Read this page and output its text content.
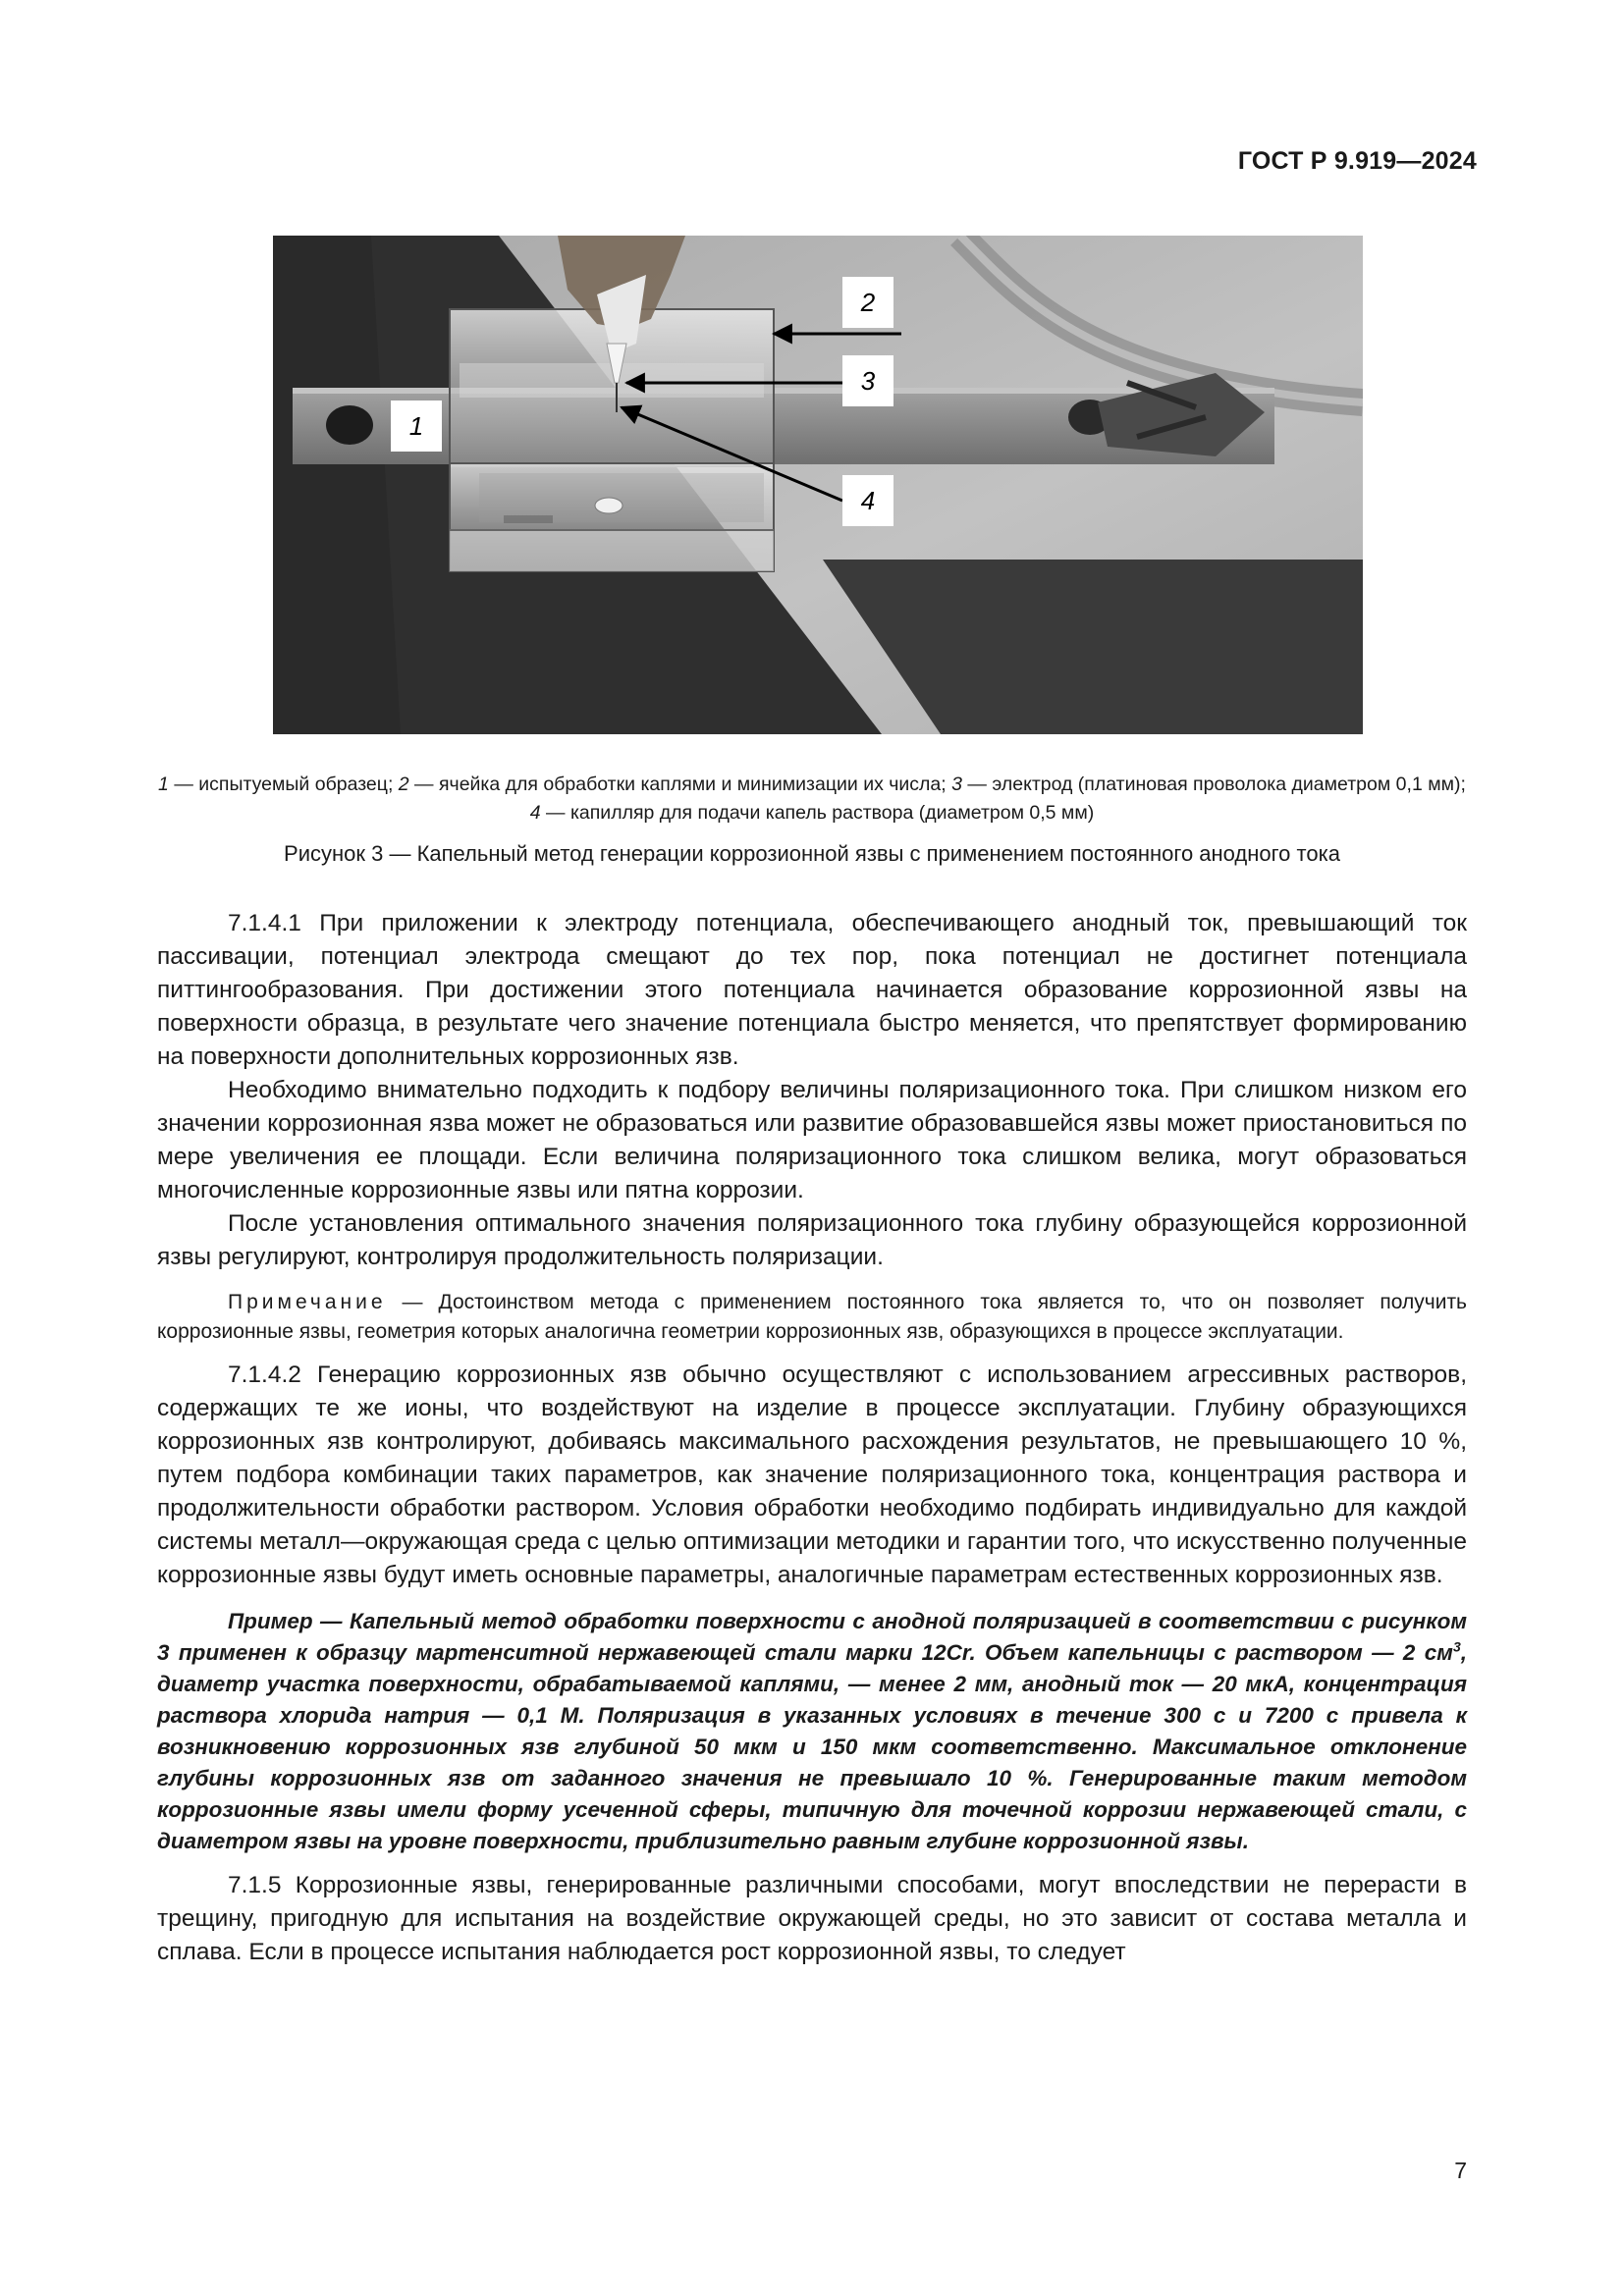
ГОСТ Р 9.919—2024
1
2
3
4

1 — испытуемый образец; 2 — ячейка для обработки каплями и минимизации их числа; 3 — электрод (платиновая проволока диаметром 0,1 мм); 4 — капилляр для подачи капель раствора (диаметром 0,5 мм)

Рисунок 3 — Капельный метод генерации коррозионной язвы с применением постоянного анодного тока

7.1.4.1 При приложении к электроду потенциала, обеспечивающего анодный ток, превышающий ток пассивации, потенциал электрода смещают до тех пор, пока потенциал не достигнет потенциала питтингообразования. При достижении этого потенциала начинается образование коррозионной язвы на поверхности образца, в результате чего значение потенциала быстро меняется, что препятствует формированию на поверхности дополнительных коррозионных язв.

Необходимо внимательно подходить к подбору величины поляризационного тока. При слишком низком его значении коррозионная язва может не образоваться или развитие образовавшейся язвы может приостановиться по мере увеличения ее площади. Если величина поляризационного тока слишком велика, могут образоваться многочисленные коррозионные язвы или пятна коррозии.

После установления оптимального значения поляризационного тока глубину образующейся коррозионной язвы регулируют, контролируя продолжительность поляризации.

Примечание — Достоинством метода с применением постоянного тока является то, что он позволяет получить коррозионные язвы, геометрия которых аналогична геометрии коррозионных язв, образующихся в процессе эксплуатации.

7.1.4.2 Генерацию коррозионных язв обычно осуществляют с использованием агрессивных растворов, содержащих те же ионы, что воздействуют на изделие в процессе эксплуатации. Глубину образующихся коррозионных язв контролируют, добиваясь максимального расхождения результатов, не превышающего 10 %, путем подбора комбинации таких параметров, как значение поляризационного тока, концентрация раствора и продолжительности обработки раствором. Условия обработки необходимо подбирать индивидуально для каждой системы металл—окружающая среда с целью оптимизации методики и гарантии того, что искусственно полученные коррозионные язвы будут иметь основные параметры, аналогичные параметрам естественных коррозионных язв.

Пример — Капельный метод обработки поверхности с анодной поляризацией в соответствии с рисунком 3 применен к образцу мартенситной нержавеющей стали марки 12Cr. Объем капельницы с раствором — 2 $см^3$, диаметр участка поверхности, обрабатываемой каплями, — менее 2 мм, анодный ток — 20 мкА, концентрация раствора хлорида натрия — 0,1 М. Поляризация в указанных условиях в течение 300 с и 7200 с привела к возникновению коррозионных язв глубиной 50 мкм и 150 мкм соответственно. Максимальное отклонение глубины коррозионных язв от заданного значения не превышало 10 %. Генерированные таким методом коррозионные язвы имели форму усеченной сферы, типичную для точечной коррозии нержавеющей стали, с диаметром язвы на уровне поверхности, приблизительно равным глубине коррозионной язвы.

7.1.5 Коррозионные язвы, генерированные различными способами, могут впоследствии не перерасти в трещину, пригодную для испытания на воздействие окружающей среды, но это зависит от состава металла и сплава. Если в процессе испытания наблюдается рост коррозионной язвы, то следует

7
